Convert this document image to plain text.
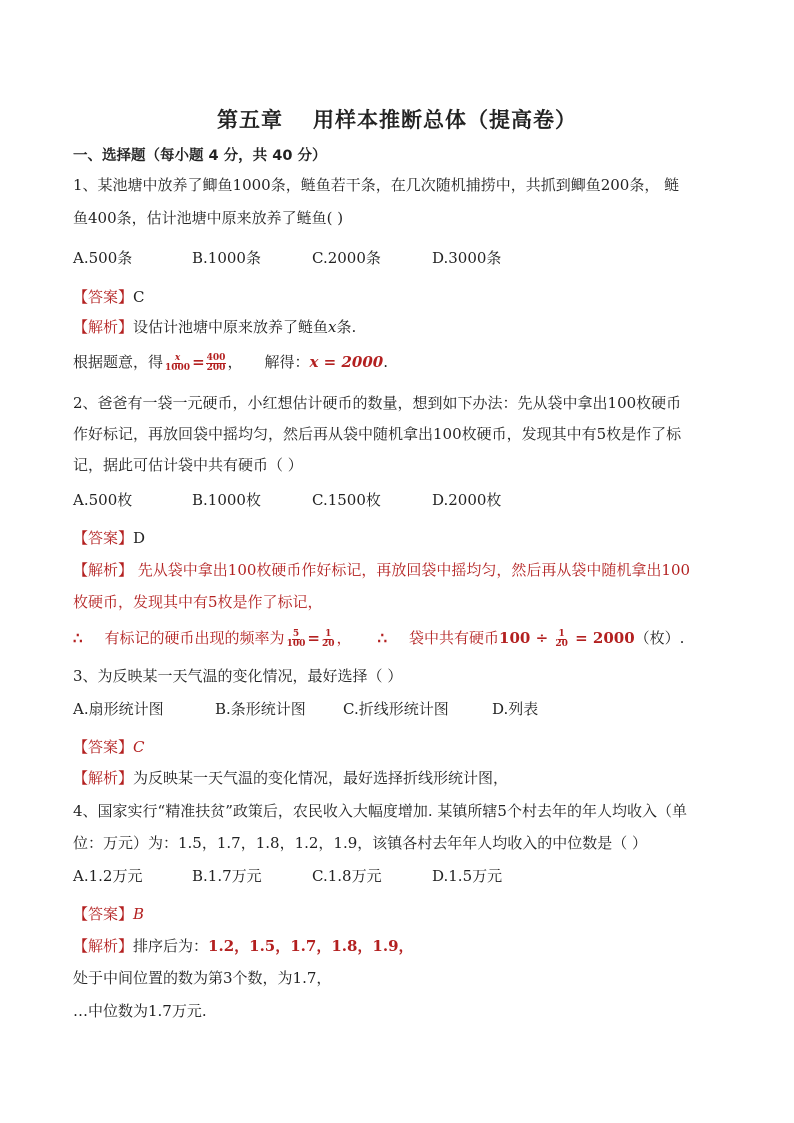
第五章 用样本推断总体（提高卷）
一、选择题（每小题 4 分，共 40 分）
1、某池塘中放养了鲫鱼1000条，鲢鱼若干条，在几次随机捕捞中，共抓到鲫鱼200条， 鲢
鱼400条，估计池塘中原来放养了鲢鱼( )
A.500条	B.1000条	C.2000条	D.3000条
【答案】C
【解析】设估计池塘中原来放养了鲢鱼x条.
根据题意，得 $\frac{x}{1000} = \frac{400}{200}$ ， 解得：x = 2000.
2、爸爸有一袋一元硬币，小红想估计硬币的数量，想到如下办法：先从袋中拿出100枚硬币
作好标记，再放回袋中摇均匀，然后再从袋中随机拿出100枚硬币，发现其中有5枚是作了标
记，据此可估计袋中共有硬币（ ）
A.500枚	B.1000枚	C.1500枚	D.2000枚
【答案】D
【解析】 先从袋中拿出100枚硬币作好标记，再放回袋中摇均匀，然后再从袋中随机拿出100
枚硬币，发现其中有5枚是作了标记，
∴ 有标记的硬币出现的频率为 $\frac{5}{100} = \frac{1}{20}$ ， ∴ 袋中共有硬币$100 \div \frac{1}{20} = 2000$（枚）.
3、为反映某一天气温的变化情况，最好选择（ ）
A.扇形统计图	B.条形统计图 C.折线形统计图	D.列表
【答案】C
【解析】为反映某一天气温的变化情况，最好选择折线形统计图，
4、国家实行“精准扶贫”政策后，农民收入大幅度增加. 某镇所辖5个村去年的年人均收入（单
位：万元）为：1.5，1.7，1.8，1.2，1.9，该镇各村去年年人均收入的中位数是（ ）
A.1.2万元	B.1.7万元	C.1.8万元	D.1.5万元
【答案】B
【解析】排序后为：1.2，1.5，1.7，1.8，1.9，
处于中间位置的数为第3个数，为1.7，
…中位数为1.7万元.
